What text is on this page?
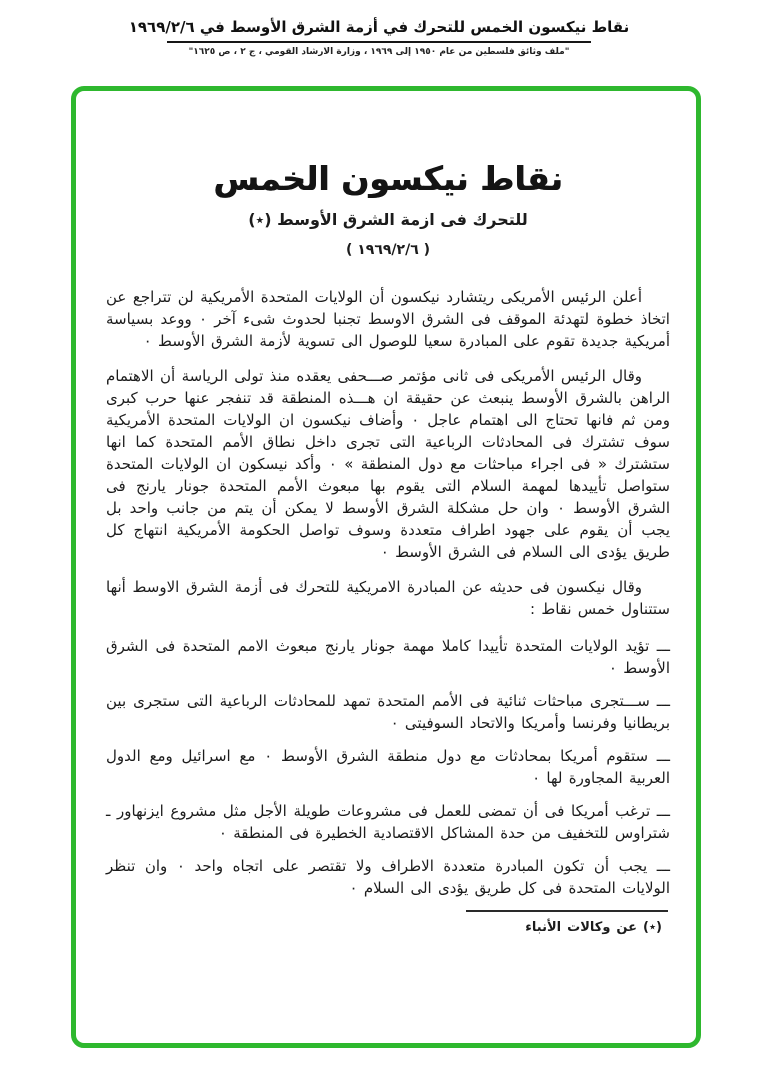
نقاط نيكسون الخمس للتحرك في أزمة الشرق الأوسط في ١٩٦٩/٢/٦
"ملف وثائق فلسطين من عام ١٩٥٠ إلى ١٩٦٩ ، وزارة الارشاد القومي ، ج ٢ ، ص ١٦٢٥"
نقاط نيكسون الخمس
للتحرك فى ازمة الشرق الأوسط (٭)
( ١٩٦٩/٢/٦ )

أعلن الرئيس الأمريكى ريتشارد نيكسون أن الولايات المتحدة الأمريكية لن تتراجع عن اتخاذ خطوة لتهدئة الموقف فى الشرق الاوسط تجنبا لحدوث شىء آخر ٠ ووعد بسياسة أمريكية جديدة تقوم على المبادرة سعيا للوصول الى تسوية لأزمة الشرق الأوسط ٠

وقال الرئيس الأمريكى فى ثانى مؤتمر صـــحفى يعقده منذ تولى الرياسة أن الاهتمام الراهن بالشرق الأوسط ينبعث عن حقيقة ان هـــذه المنطقة قد تنفجر عنها حرب كبرى ومن ثم فانها تحتاج الى اهتمام عاجل ٠ وأضاف نيكسون ان الولايات المتحدة الأمريكية سوف تشترك فى المحادثات الرباعية التى تجرى داخل نطاق الأمم المتحدة كما انها ستشترك « فى اجراء مباحثات مع دول المنطقة » ٠ وأكد نيسكون ان الولايات المتحدة ستواصل تأييدها لمهمة السلام التى يقوم بها مبعوث الأمم المتحدة جونار يارنج فى الشرق الأوسط ٠ وان حل مشكلة الشرق الأوسط لا يمكن أن يتم من جانب واحد بل يجب أن يقوم على جهود اطراف متعددة وسوف تواصل الحكومة الأمريكية انتهاج كل طريق يؤدى الى السلام فى الشرق الأوسط ٠

وقال نيكسون فى حديثه عن المبادرة الامريكية للتحرك فى أزمة الشرق الاوسط أنها ستتناول خمس نقاط :

ـــ تؤيد الولايات المتحدة تأييدا كاملا مهمة جونار يارنج مبعوث الامم المتحدة فى الشرق الأوسط ٠

ـــ ســـتجرى مباحثات ثنائية فى الأمم المتحدة تمهد للمحادثات الرباعية التى ستجرى بين بريطانيا وفرنسا وأمريكا والاتحاد السوفيتى ٠

ـــ ستقوم أمريكا بمحادثات مع دول منطقة الشرق الأوسط ٠ مع اسرائيل ومع الدول العربية المجاورة لها ٠

ـــ ترغب أمريكا فى أن تمضى للعمل فى مشروعات طويلة الأجل مثل مشروع ايزنهاور ـ شتراوس للتخفيف من حدة المشاكل الاقتصادية الخطيرة فى المنطقة ٠

ـــ يجب أن تكون المبادرة متعددة الاطراف ولا تقتصر على اتجاه واحد ٠ وان تنظر الولايات المتحدة فى كل طريق يؤدى الى السلام ٠

(٭) عن وكالات الأنباء
